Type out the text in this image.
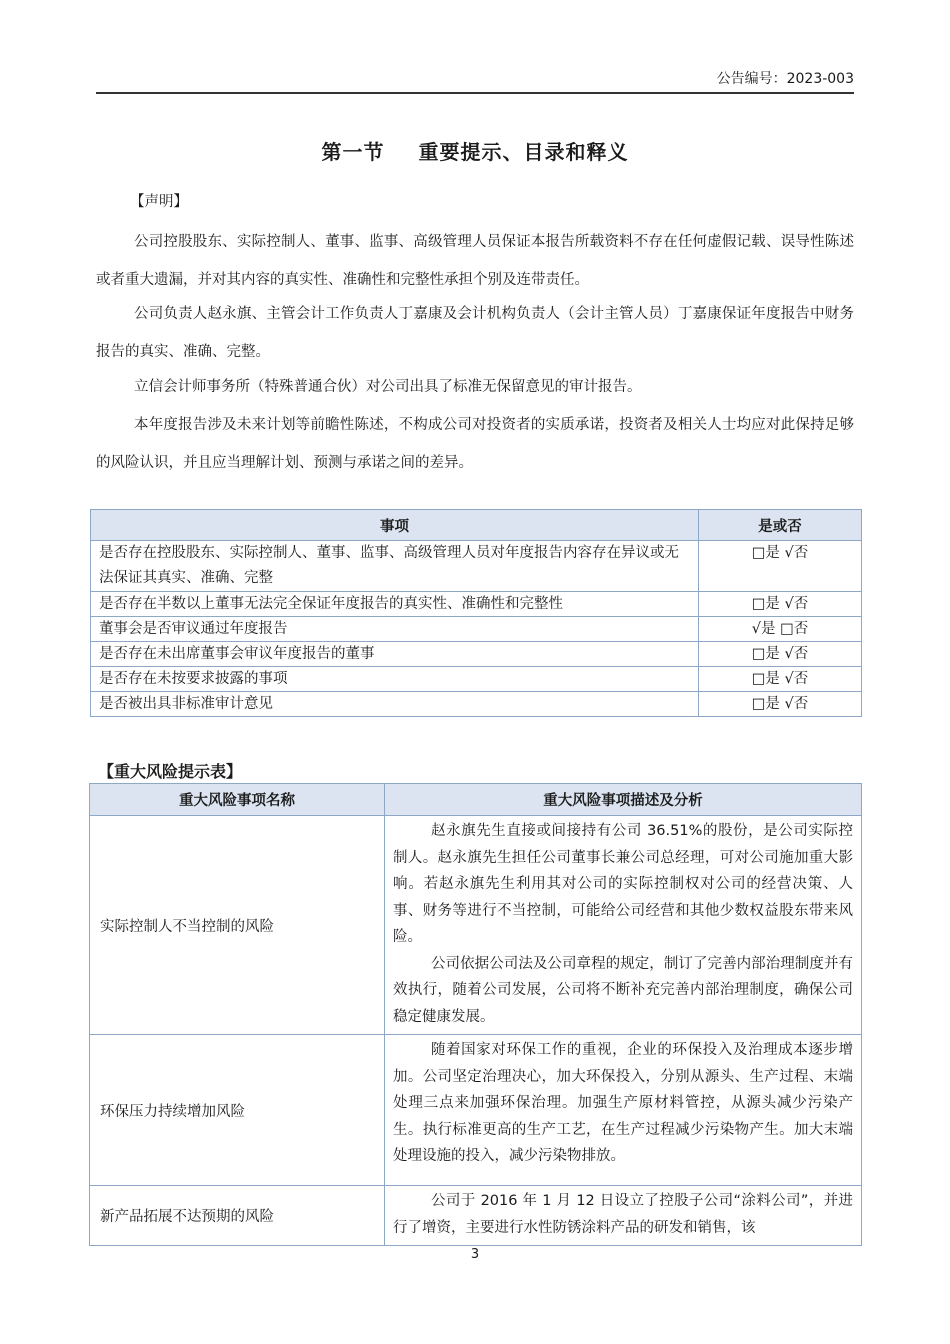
公告编号：2023-003
第一节 重要提示、目录和释义
【声明】

公司控股股东、实际控制人、董事、监事、高级管理人员保证本报告所载资料不存在任何虚假记载、误导性陈述或者重大遗漏，并对其内容的真实性、准确性和完整性承担个别及连带责任。

公司负责人赵永旗、主管会计工作负责人丁嘉康及会计机构负责人（会计主管人员）丁嘉康保证年度报告中财务报告的真实、准确、完整。

立信会计师事务所（特殊普通合伙）对公司出具了标准无保留意见的审计报告。

本年度报告涉及未来计划等前瞻性陈述，不构成公司对投资者的实质承诺，投资者及相关人士均应对此保持足够的风险认识，并且应当理解计划、预测与承诺之间的差异。

事项	是或否
是否存在控股股东、实际控制人、董事、监事、高级管理人员对年度报告内容存在异议或无法保证其真实、准确、完整	□是 √否
是否存在半数以上董事无法完全保证年度报告的真实性、准确性和完整性	□是 √否
董事会是否审议通过年度报告	√是 □否
是否存在未出席董事会审议年度报告的董事	□是 √否
是否存在未按要求披露的事项	□是 √否
是否被出具非标准审计意见	□是 √否
【重大风险提示表】
重大风险事项名称	重大风险事项描述及分析
实际控制人不当控制的风险	赵永旗先生直接或间接持有公司 36.51%的股份，是公司实际控制人。赵永旗先生担任公司董事长兼公司总经理，可对公司施加重大影响。若赵永旗先生利用其对公司的实际控制权对公司的经营决策、人事、财务等进行不当控制，可能给公司经营和其他少数权益股东带来风险。

公司依据公司法及公司章程的规定，制订了完善内部治理制度并有效执行，随着公司发展，公司将不断补充完善内部治理制度，确保公司稳定健康发展。

环保压力持续增加风险	随着国家对环保工作的重视，企业的环保投入及治理成本逐步增加。公司坚定治理决心，加大环保投入，分别从源头、生产过程、末端处理三点来加强环保治理。加强生产原材料管控，从源头减少污染产生。执行标准更高的生产工艺，在生产过程减少污染物产生。加大末端处理设施的投入，减少污染物排放。

新产品拓展不达预期的风险	公司于 2016 年 1 月 12 日设立了控股子公司“涂料公司”，并进行了增资，主要进行水性防锈涂料产品的研发和销售，该

3
